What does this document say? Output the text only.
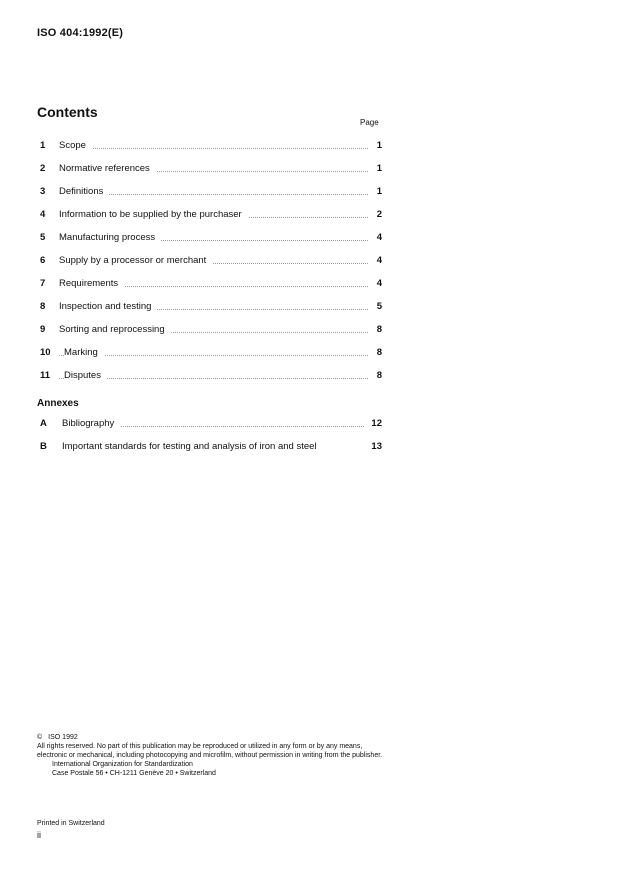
ISO 404:1992(E)
Contents
Page
1 Scope	1
2 Normative references	1
3 Definitions	1
4 Information to be supplied by the purchaser	2
5 Manufacturing process	4
6 Supply by a processor or merchant	4
7 Requirements	4
8 Inspection and testing	5
9 Sorting and reprocessing	8
10 Marking	8
11 Disputes	8
Annexes
A Bibliography	12
B Important standards for testing and analysis of iron and steel	13
© ISO 1992
All rights reserved. No part of this publication may be reproduced or utilized in any form or by any means, electronic or mechanical, including photocopying and microfilm, without permission in writing from the publisher.
International Organization for Standardization
Case Postale 56 • CH-1211 Genève 20 • Switzerland
Printed in Switzerland
ii
